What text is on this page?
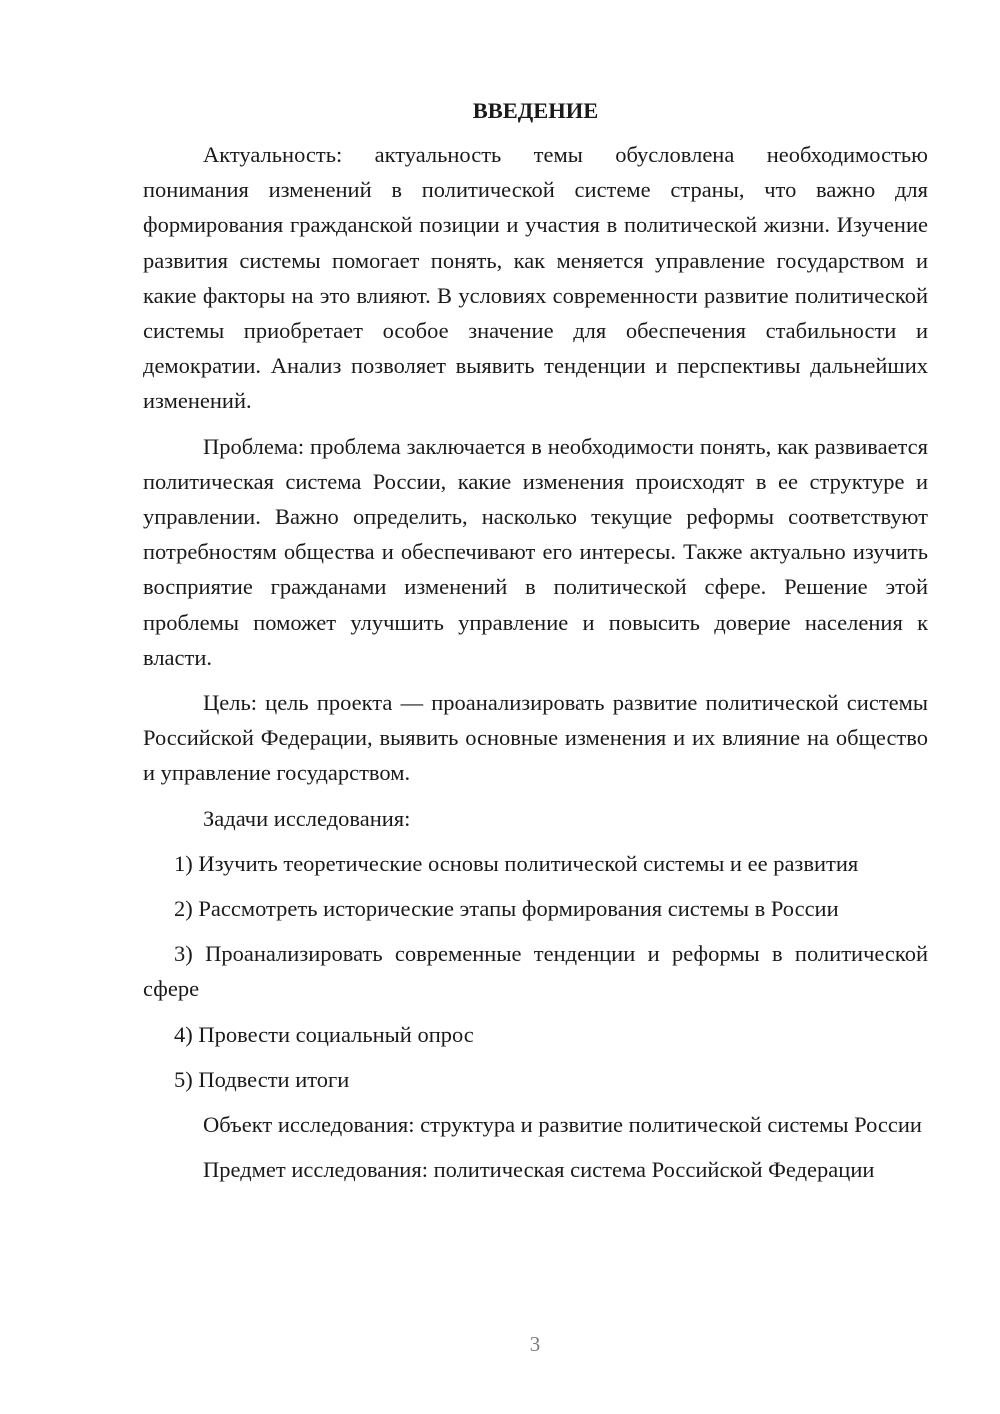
ВВЕДЕНИЕ

Актуальность: актуальность темы обусловлена необходимостью понимания изменений в политической системе страны, что важно для формирования гражданской позиции и участия в политической жизни. Изучение развития системы помогает понять, как меняется управление государством и какие факторы на это влияют. В условиях современности развитие политической системы приобретает особое значение для обеспечения стабильности и демократии. Анализ позволяет выявить тенденции и перспективы дальнейших изменений.

Проблема: проблема заключается в необходимости понять, как развивается политическая система России, какие изменения происходят в ее структуре и управлении. Важно определить, насколько текущие реформы соответствуют потребностям общества и обеспечивают его интересы. Также актуально изучить восприятие гражданами изменений в политической сфере. Решение этой проблемы поможет улучшить управление и повысить доверие населения к власти.

Цель: цель проекта — проанализировать развитие политической системы Российской Федерации, выявить основные изменения и их влияние на общество и управление государством.

Задачи исследования:

1) Изучить теоретические основы политической системы и ее развития

2) Рассмотреть исторические этапы формирования системы в России

3) Проанализировать современные тенденции и реформы в политической сфере

4) Провести социальный опрос

5) Подвести итоги

Объект исследования: структура и развитие политической системы России

Предмет исследования: политическая система Российской Федерации

3
